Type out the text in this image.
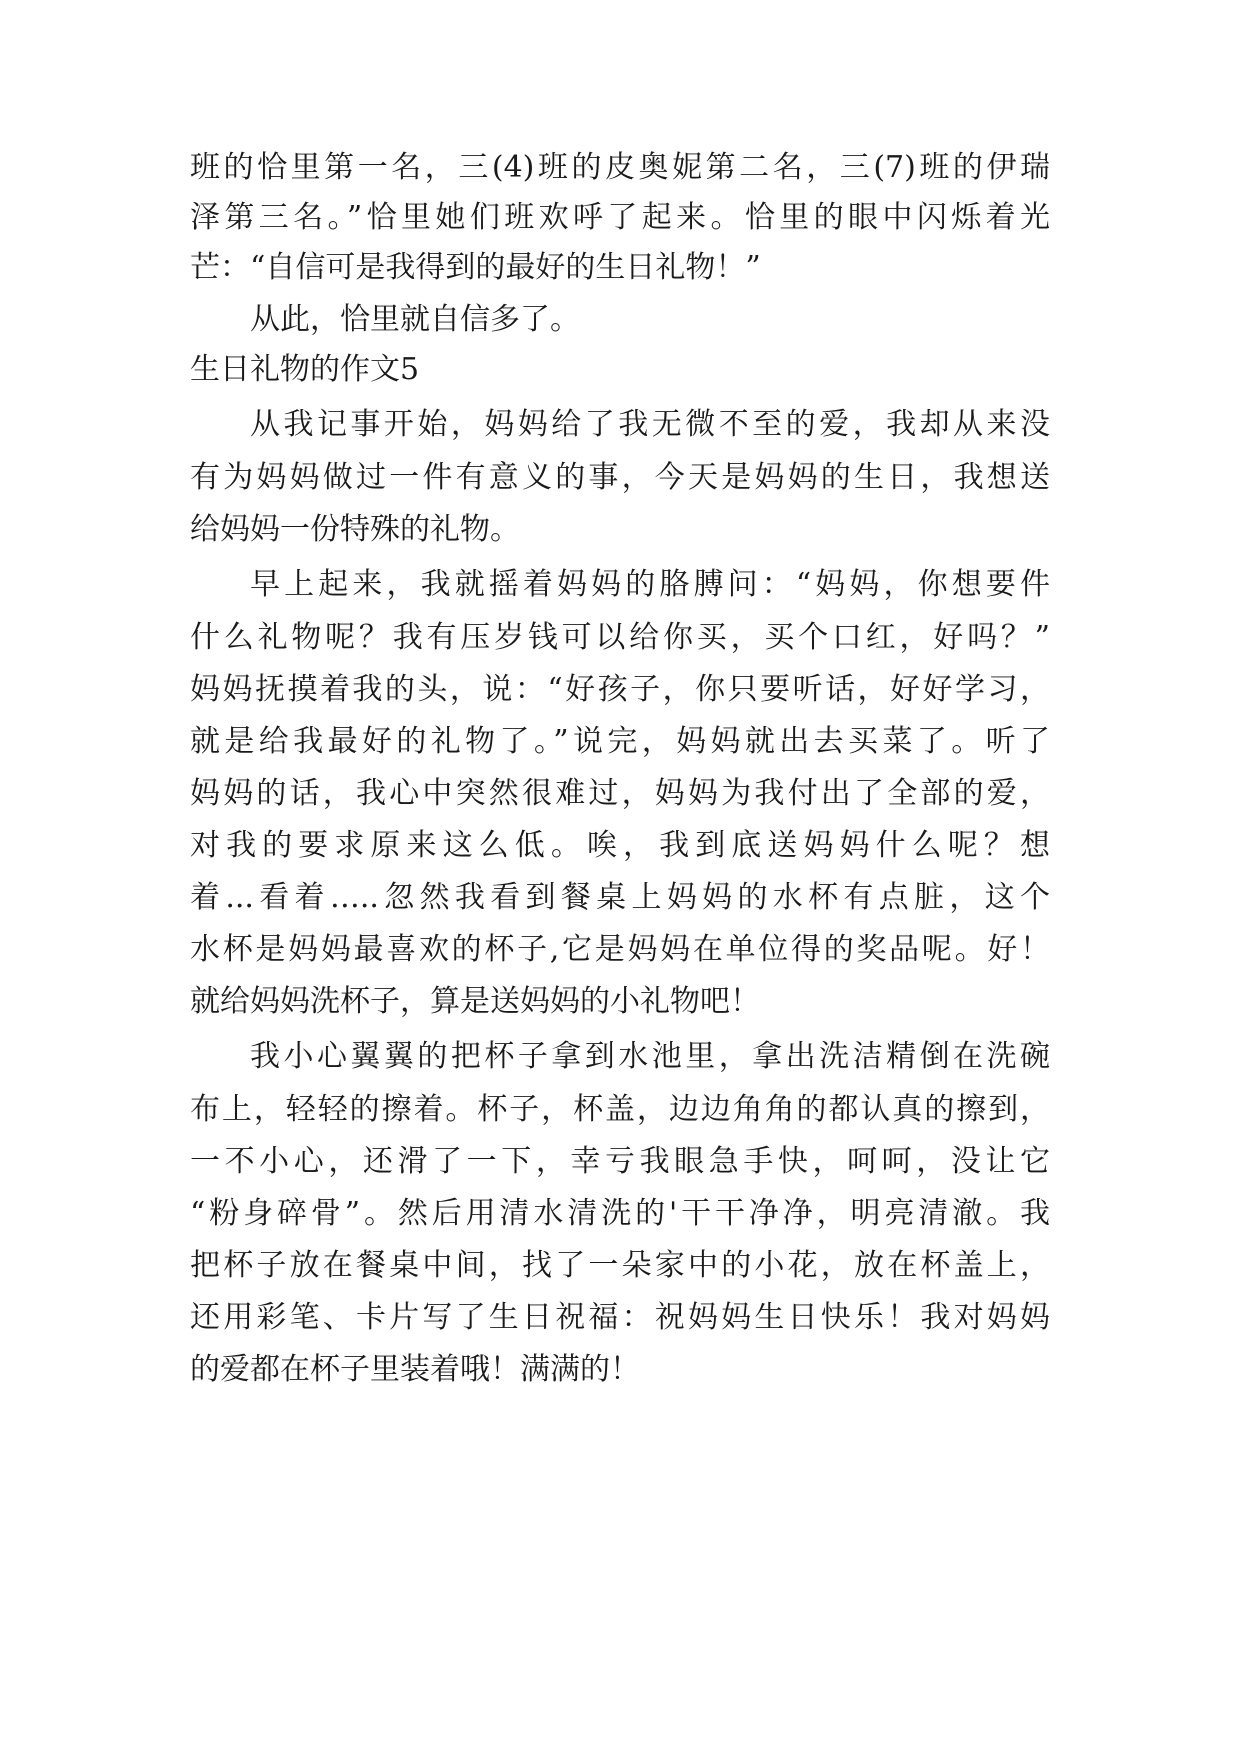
班的恰里第一名，三(4)班的皮奥妮第二名，三(7)班的伊瑞
泽第三名。”恰里她们班欢呼了起来。恰里的眼中闪烁着光
芒：“自信可是我得到的最好的生日礼物！”
从此，恰里就自信多了。
生日礼物的作文5
从我记事开始，妈妈给了我无微不至的爱，我却从来没
有为妈妈做过一件有意义的事，今天是妈妈的生日，我想送
给妈妈一份特殊的礼物。
早上起来，我就摇着妈妈的胳膊问：“妈妈，你想要件
什么礼物呢？我有压岁钱可以给你买，买个口红，好吗？”
妈妈抚摸着我的头，说：“好孩子，你只要听话，好好学习，
就是给我最好的礼物了。”说完，妈妈就出去买菜了。听了
妈妈的话，我心中突然很难过，妈妈为我付出了全部的爱，
对我的要求原来这么低。唉，我到底送妈妈什么呢？想
着...看着…..忽然我看到餐桌上妈妈的水杯有点脏，这个
水杯是妈妈最喜欢的杯子,它是妈妈在单位得的奖品呢。好！
就给妈妈洗杯子，算是送妈妈的小礼物吧！
我小心翼翼的把杯子拿到水池里，拿出洗洁精倒在洗碗
布上，轻轻的擦着。杯子，杯盖，边边角角的都认真的擦到，
一不小心，还滑了一下，幸亏我眼急手快，呵呵，没让它
“粉身碎骨”。然后用清水清洗的'干干净净，明亮清澈。我
把杯子放在餐桌中间，找了一朵家中的小花，放在杯盖上，
还用彩笔、卡片写了生日祝福：祝妈妈生日快乐！我对妈妈
的爱都在杯子里装着哦！满满的！
